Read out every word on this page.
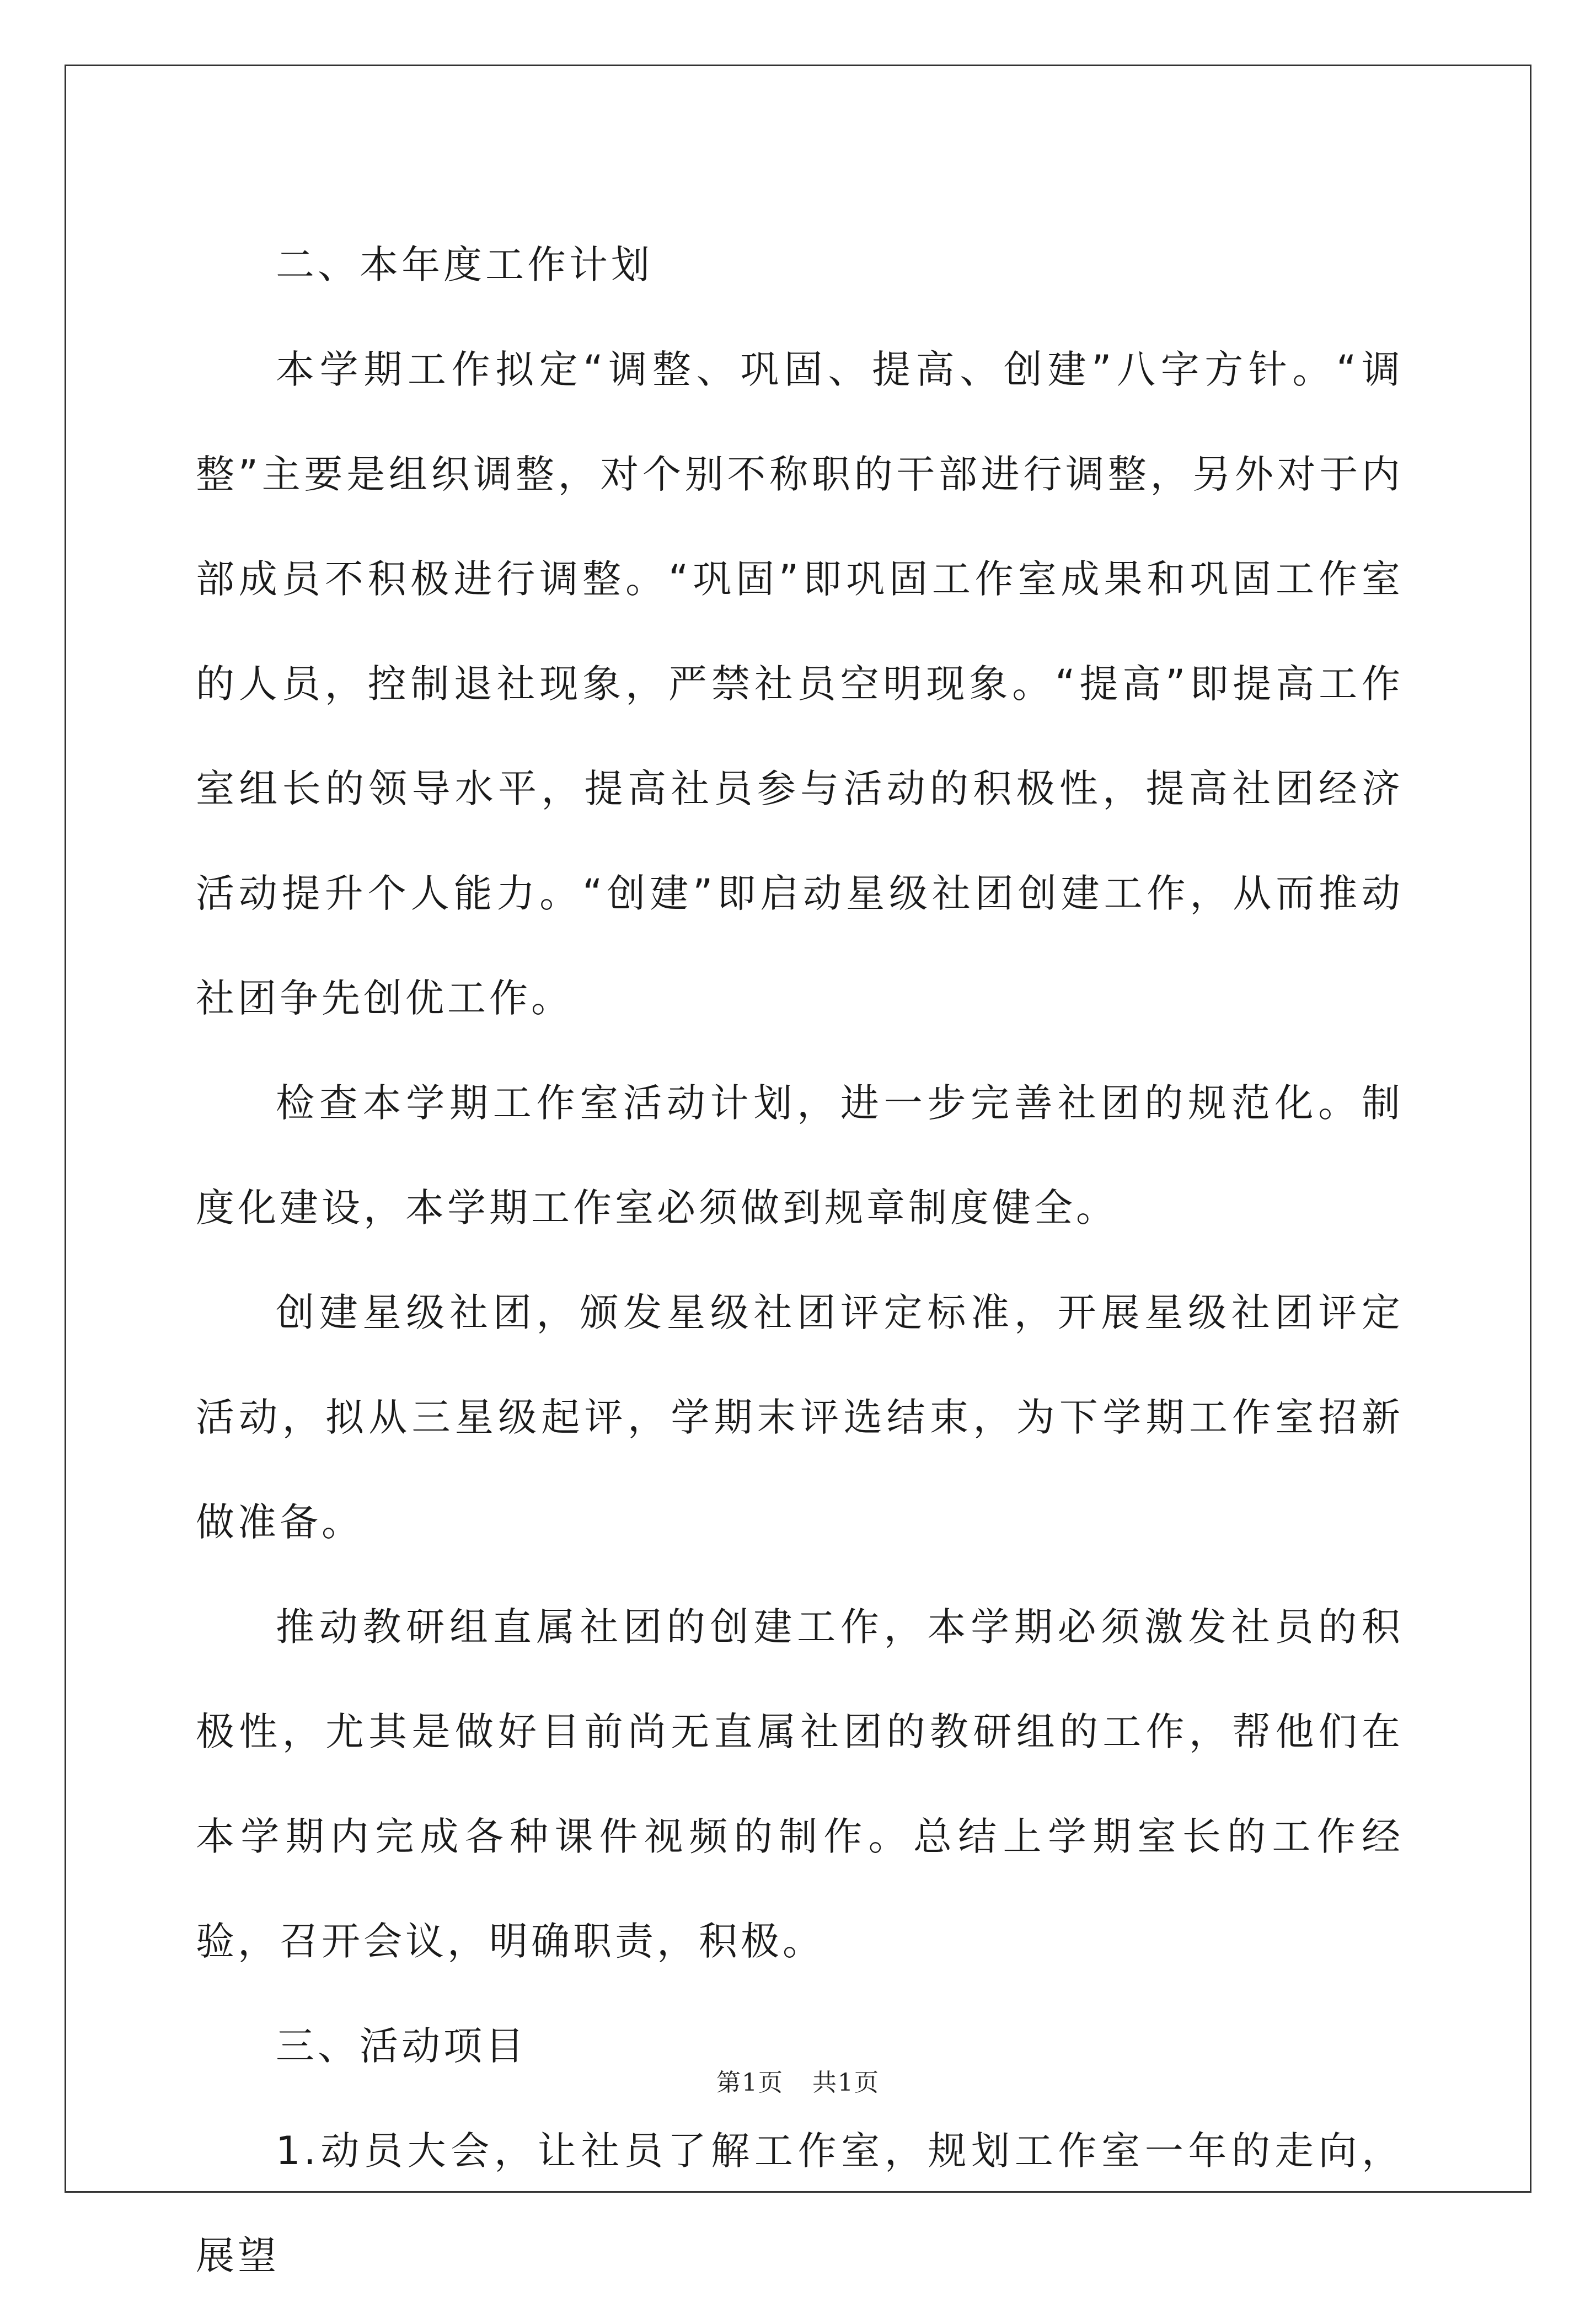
二、本年度工作计划

本学期工作拟定“调整、巩固、提高、创建”八字方针。“调整”主要是组织调整，对个别不称职的干部进行调整，另外对于内部成员不积极进行调整。“巩固”即巩固工作室成果和巩固工作室的人员，控制退社现象，严禁社员空明现象。“提高”即提高工作室组长的领导水平，提高社员参与活动的积极性，提高社团经济活动提升个人能力。“创建”即启动星级社团创建工作，从而推动社团争先创优工作。

检查本学期工作室活动计划，进一步完善社团的规范化。制度化建设，本学期工作室必须做到规章制度健全。

创建星级社团，颁发星级社团评定标准，开展星级社团评定活动，拟从三星级起评，学期末评选结束，为下学期工作室招新做准备。

推动教研组直属社团的创建工作，本学期必须激发社员的积极性，尤其是做好目前尚无直属社团的教研组的工作，帮他们在本学期内完成各种课件视频的制作。总结上学期室长的工作经验，召开会议，明确职责，积极。

三、活动项目

1.动员大会，让社员了解工作室，规划工作室一年的走向，展望

第1页 共1页
